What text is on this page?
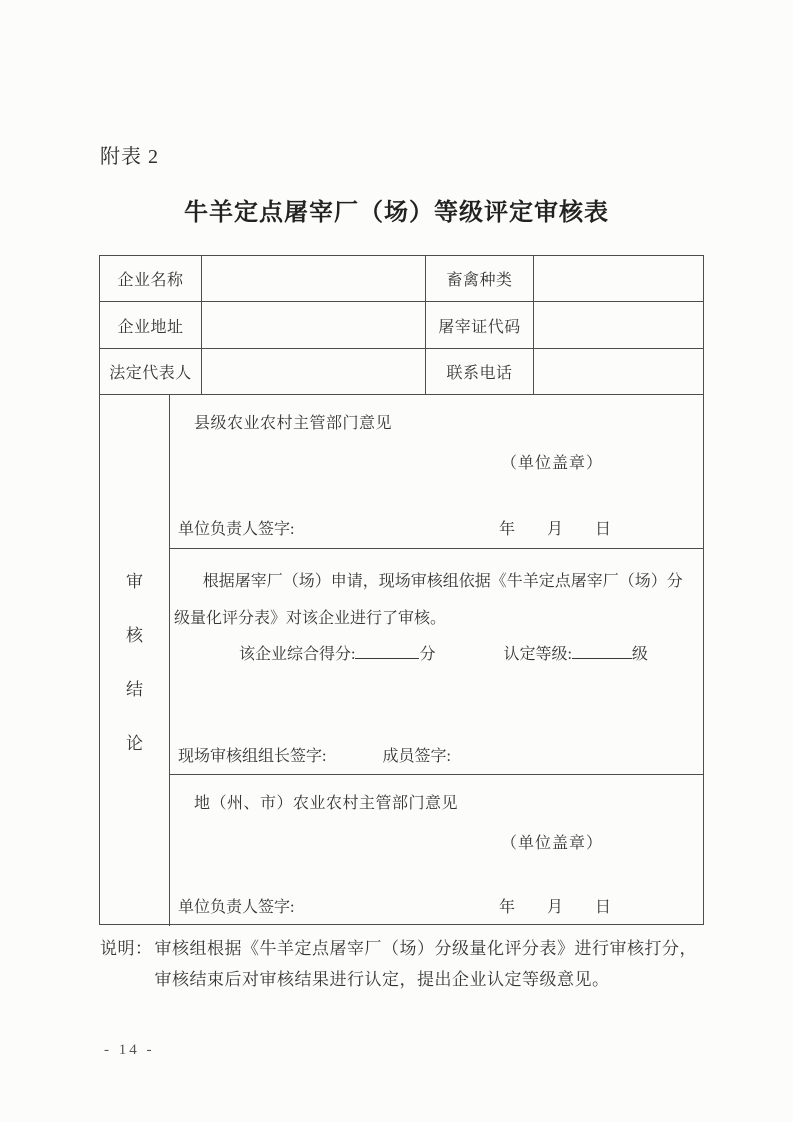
附表 2
牛羊定点屠宰厂（场）等级评定审核表
企业名称	畜禽种类
企业地址	屠宰证代码
法定代表人	联系电话
审
核
结
论
县级农业农村主管部门意见
（单位盖章）
单位负责人签字:	年　　月　　日
根据屠宰厂（场）申请，现场审核组依据《牛羊定点屠宰厂（场）分级量化评分表》对该企业进行了审核。
该企业综合得分:	分	认定等级:	级
现场审核组组长签字:	成员签字:
地（州、市）农业农村主管部门意见
（单位盖章）
单位负责人签字:	年　　月　　日
说明： 审核组根据《牛羊定点屠宰厂（场）分级量化评分表》进行审核打分，审核结束后对审核结果进行认定，提出企业认定等级意见。
- 14 -
